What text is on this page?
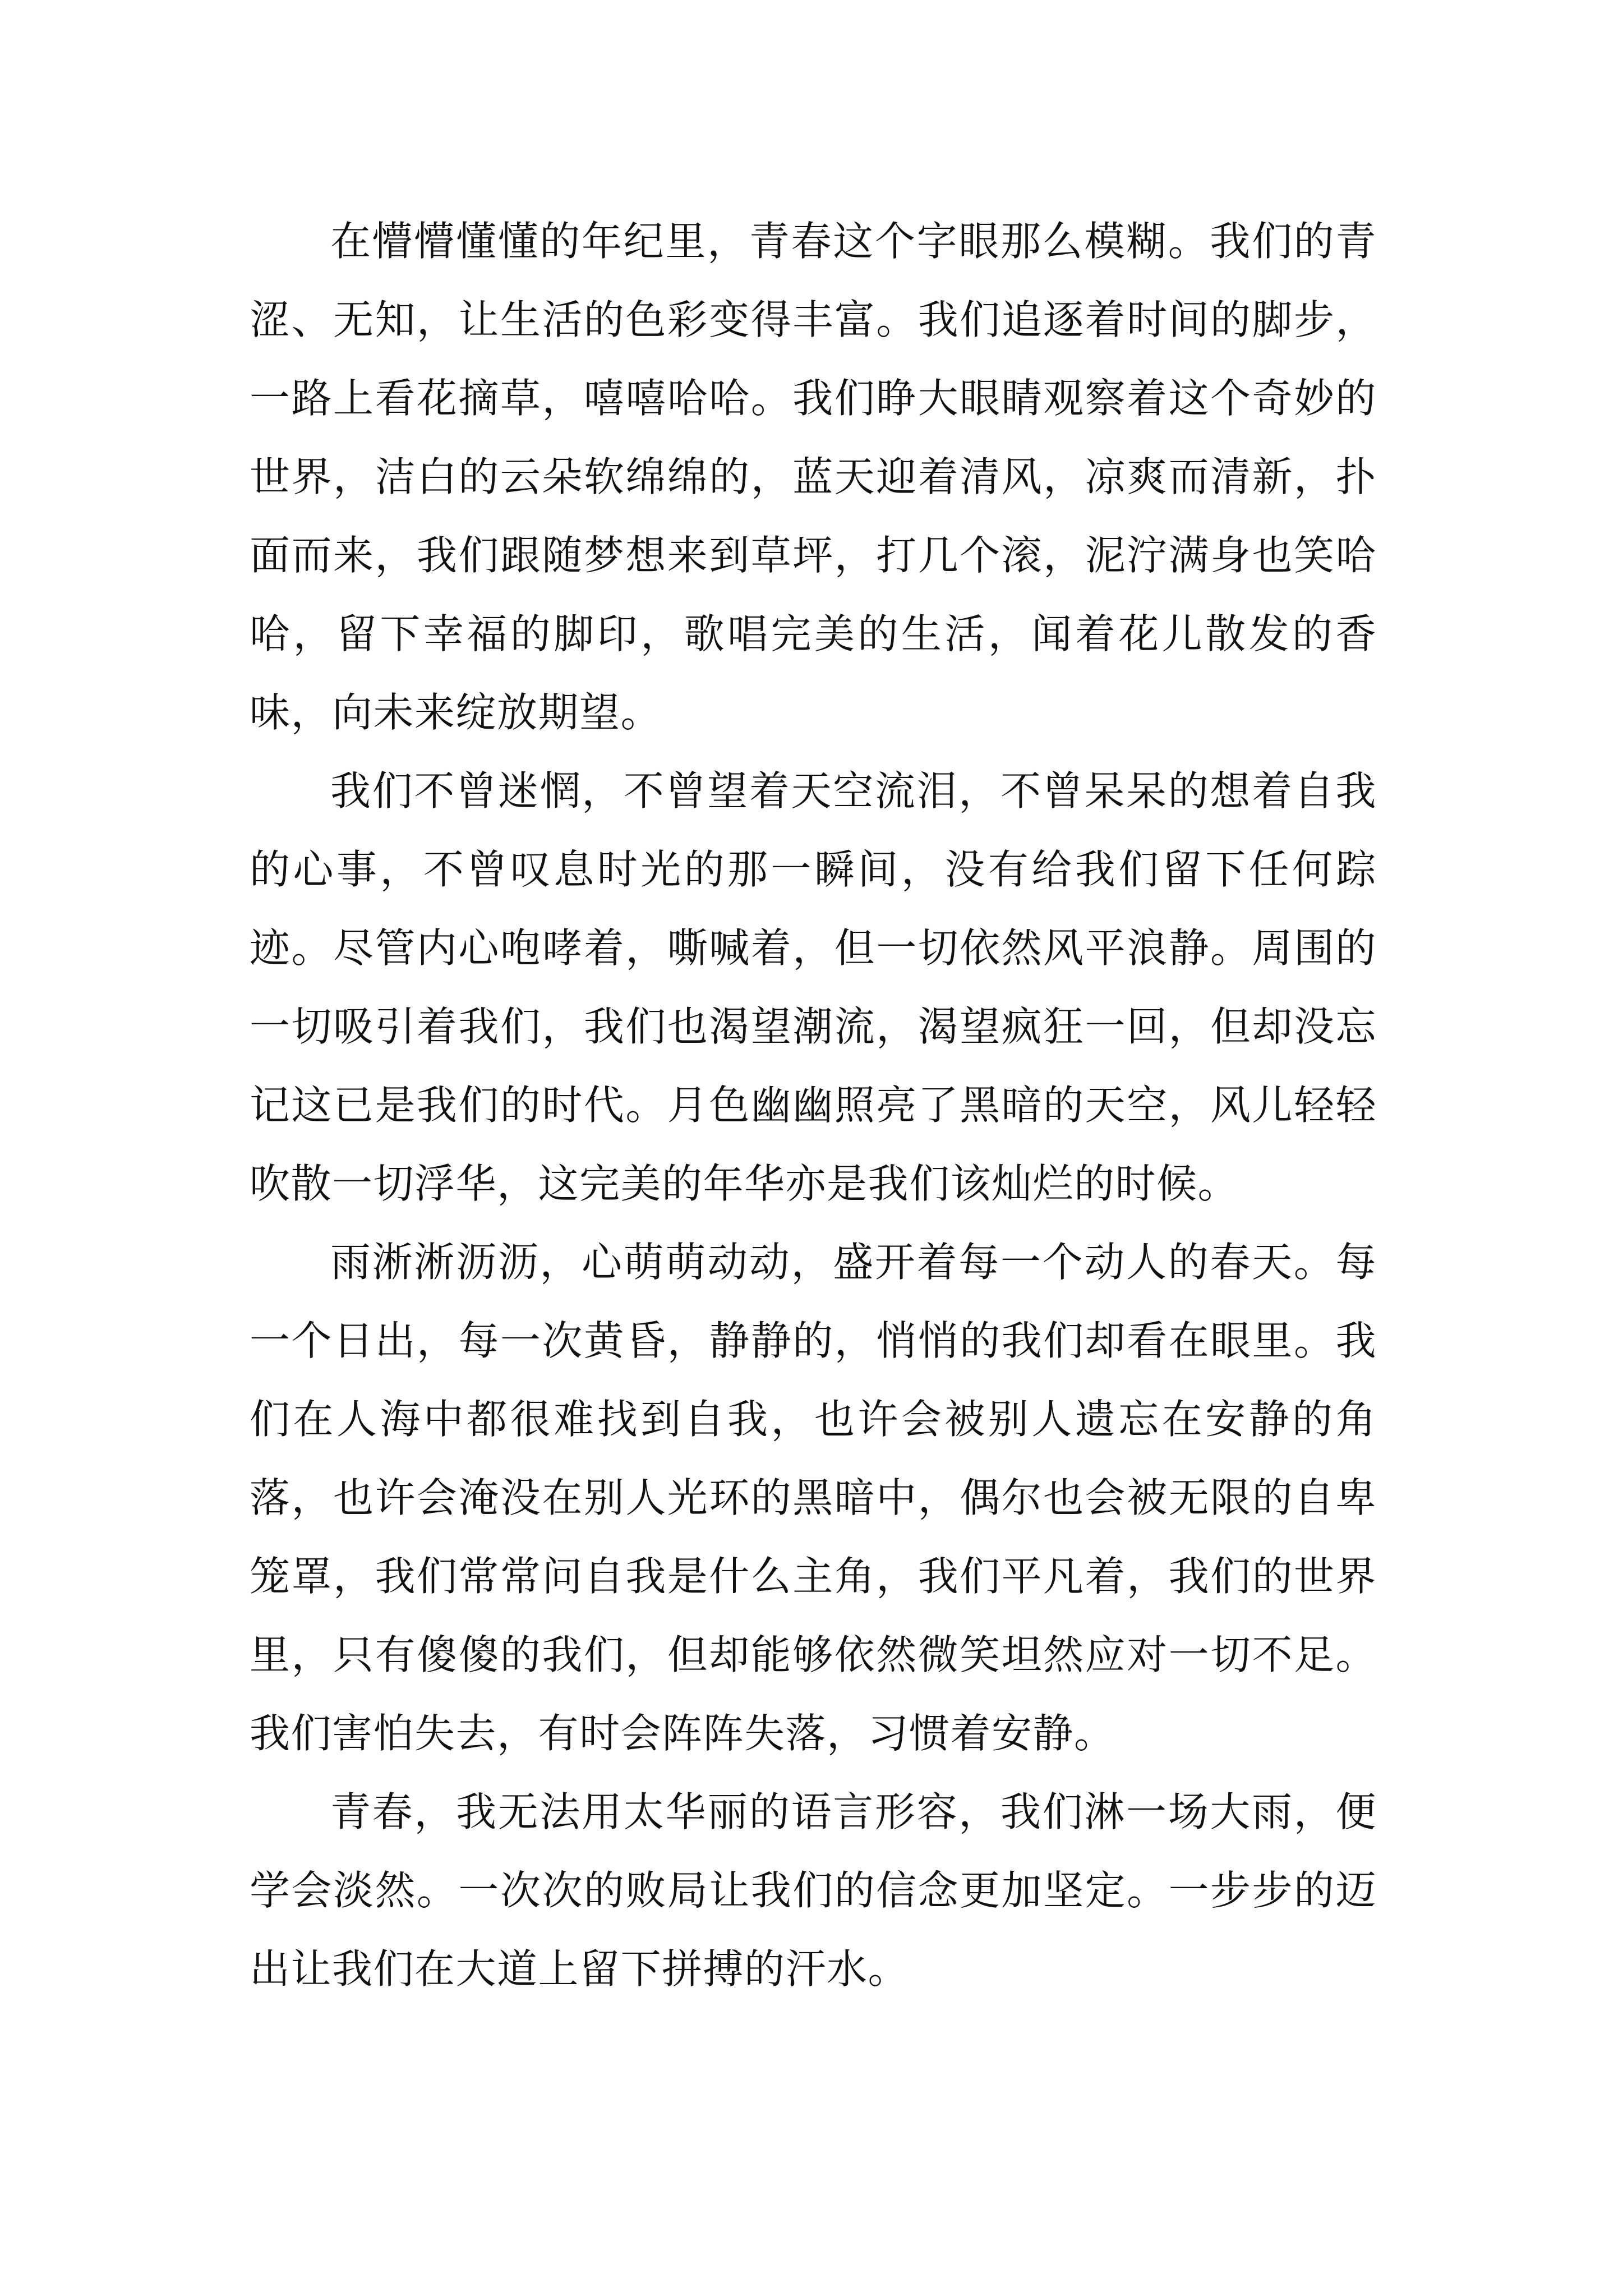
在懵懵懂懂的年纪里，青春这个字眼那么模糊。我们的青涩、无知，让生活的色彩变得丰富。我们追逐着时间的脚步，一路上看花摘草，嘻嘻哈哈。我们睁大眼睛观察着这个奇妙的世界，洁白的云朵软绵绵的，蓝天迎着清风，凉爽而清新，扑面而来，我们跟随梦想来到草坪，打几个滚，泥泞满身也笑哈哈，留下幸福的脚印，歌唱完美的生活，闻着花儿散发的香味，向未来绽放期望。

我们不曾迷惘，不曾望着天空流泪，不曾呆呆的想着自我的心事，不曾叹息时光的那一瞬间，没有给我们留下任何踪迹。尽管内心咆哮着，嘶喊着，但一切依然风平浪静。周围的一切吸引着我们，我们也渴望潮流，渴望疯狂一回，但却没忘记这已是我们的时代。月色幽幽照亮了黑暗的天空，风儿轻轻吹散一切浮华，这完美的年华亦是我们该灿烂的时候。

雨淅淅沥沥，心萌萌动动，盛开着每一个动人的春天。每一个日出，每一次黄昏，静静的，悄悄的我们却看在眼里。我们在人海中都很难找到自我，也许会被别人遗忘在安静的角落，也许会淹没在别人光环的黑暗中，偶尔也会被无限的自卑笼罩，我们常常问自我是什么主角，我们平凡着，我们的世界里，只有傻傻的我们，但却能够依然微笑坦然应对一切不足。我们害怕失去，有时会阵阵失落，习惯着安静。

青春，我无法用太华丽的语言形容，我们淋一场大雨，便学会淡然。一次次的败局让我们的信念更加坚定。一步步的迈出让我们在大道上留下拼搏的汗水。
